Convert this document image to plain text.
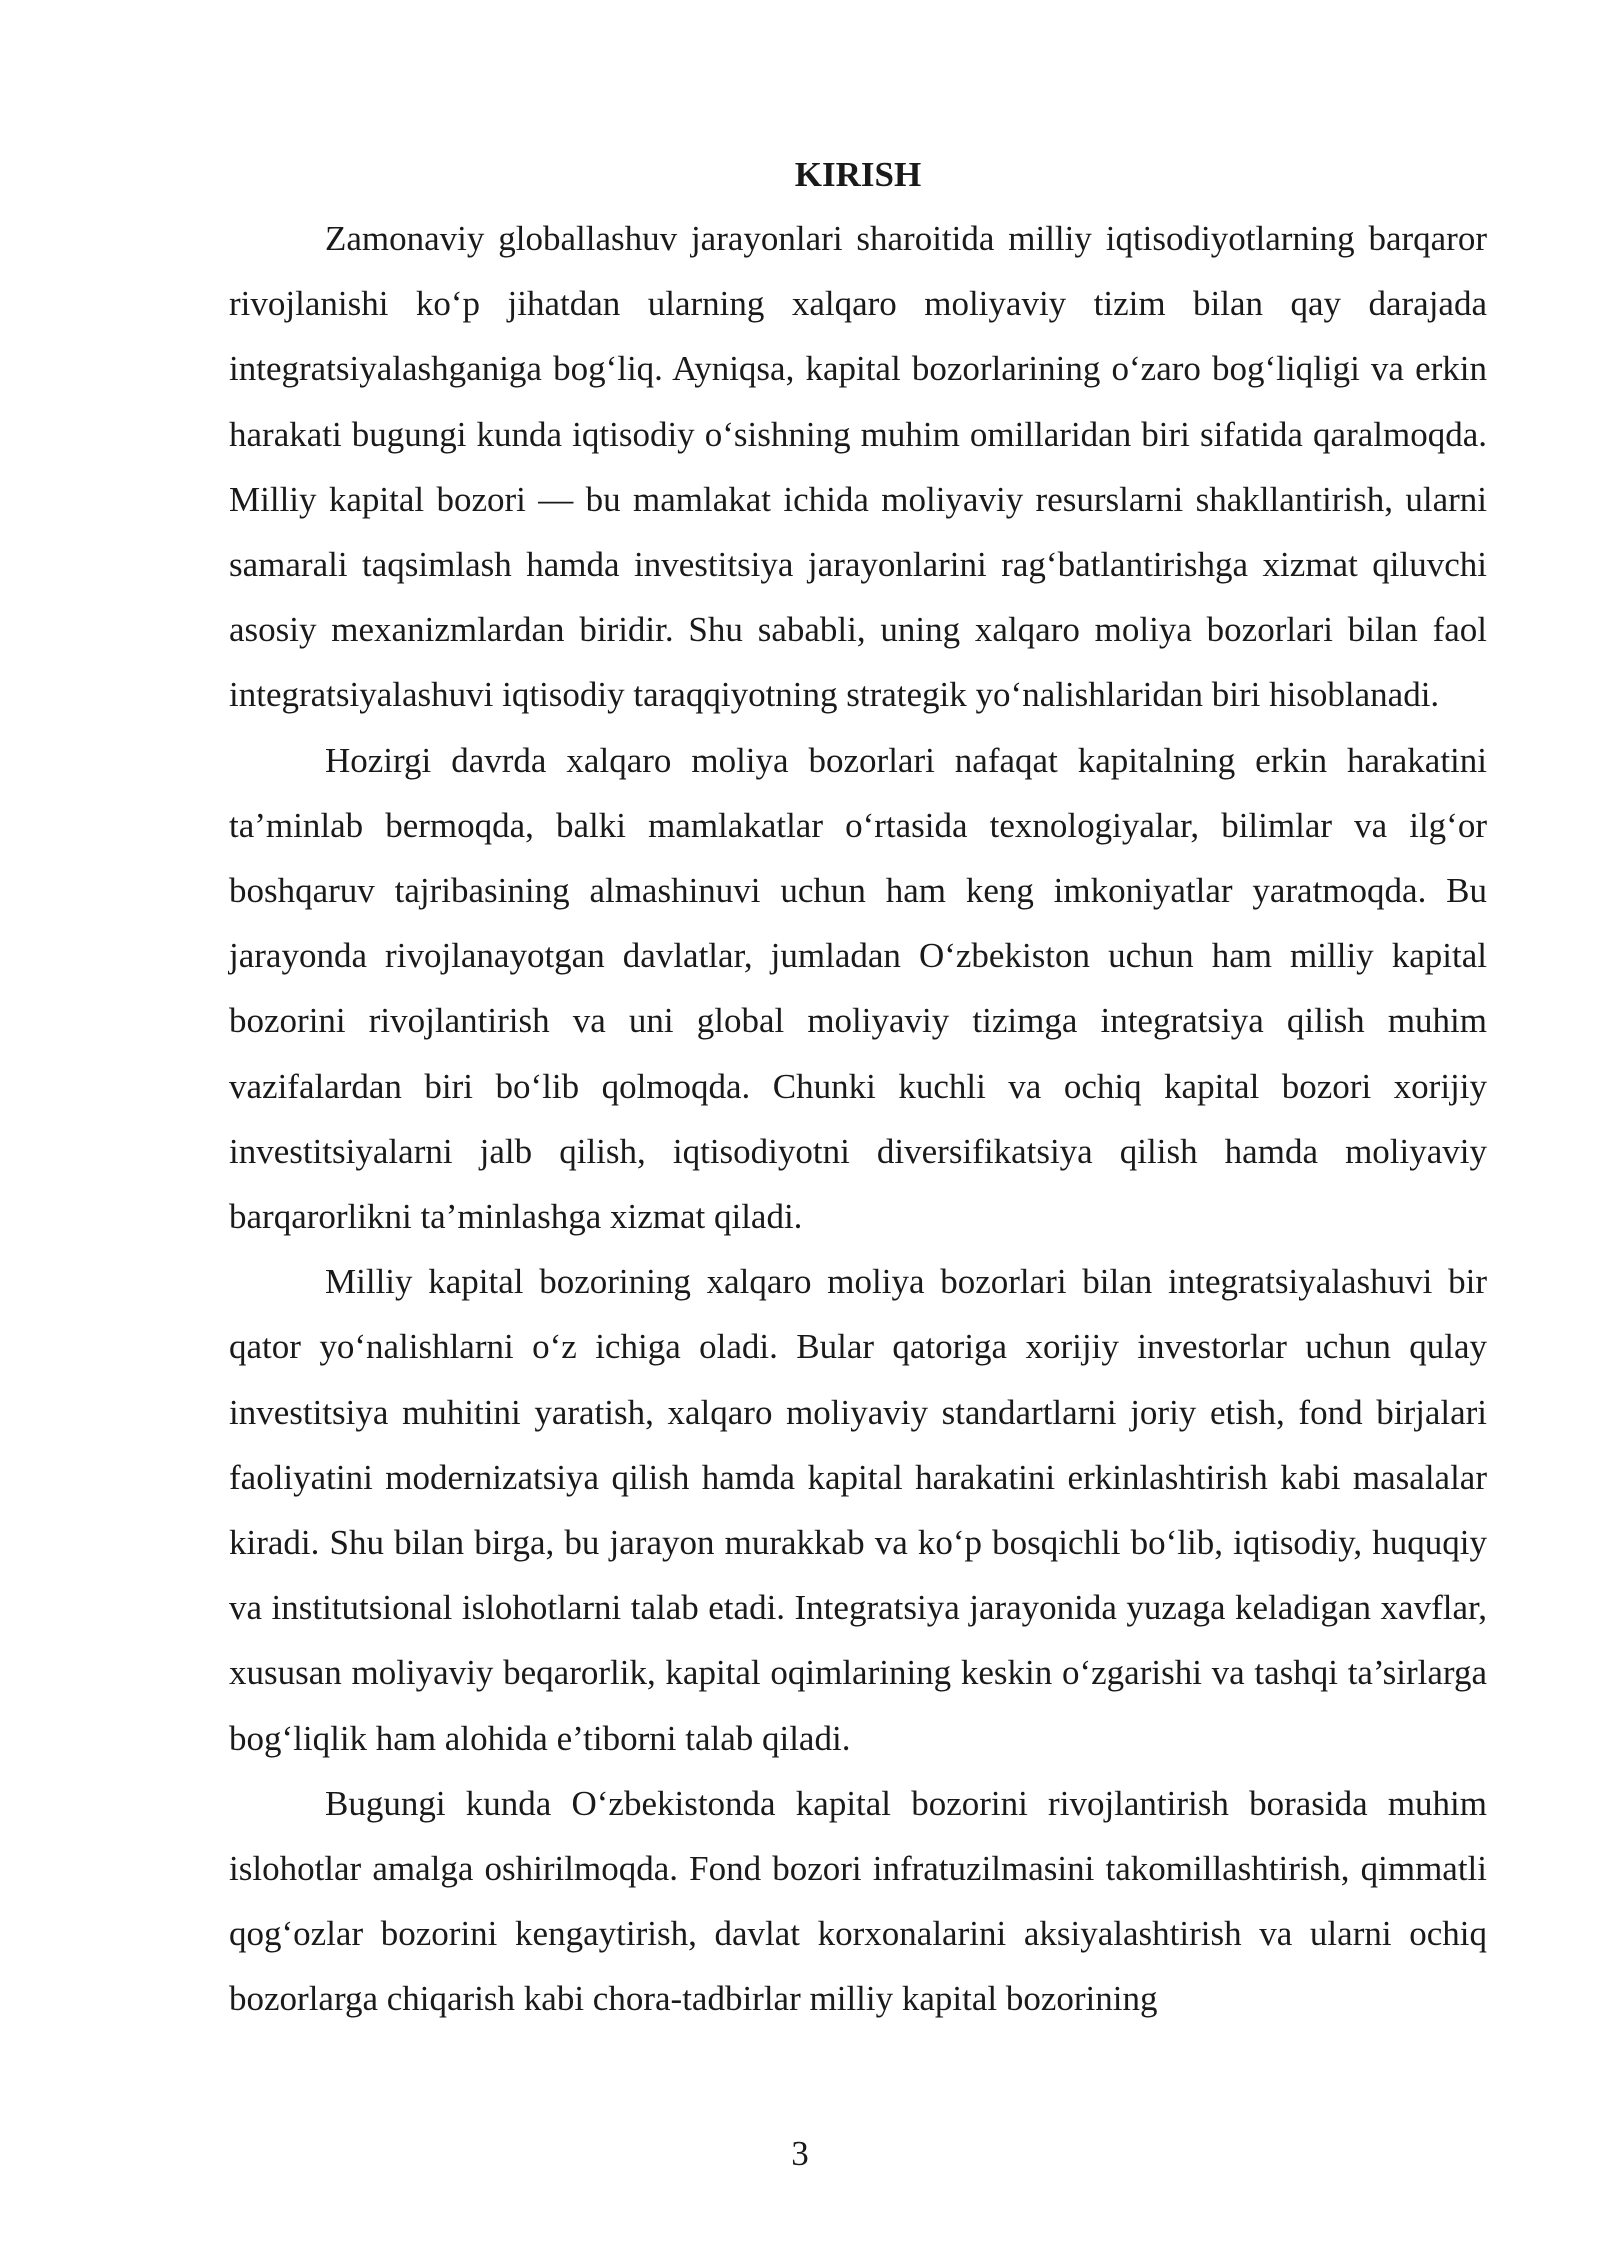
KIRISH

Zamonaviy globallashuv jarayonlari sharoitida milliy iqtisodiyotlarning barqaror rivojlanishi ko‘p jihatdan ularning xalqaro moliyaviy tizim bilan qay darajada integratsiyalashganiga bog‘liq. Ayniqsa, kapital bozorlarining o‘zaro bog‘liqligi va erkin harakati bugungi kunda iqtisodiy o‘sishning muhim omillaridan biri sifatida qaralmoqda. Milliy kapital bozori — bu mamlakat ichida moliyaviy resurslarni shakllantirish, ularni samarali taqsimlash hamda investitsiya jarayonlarini rag‘batlantirishga xizmat qiluvchi asosiy mexanizmlardan biridir. Shu sababli, uning xalqaro moliya bozorlari bilan faol integratsiyalashuvi iqtisodiy taraqqiyotning strategik yo‘nalishlaridan biri hisoblanadi.

Hozirgi davrda xalqaro moliya bozorlari nafaqat kapitalning erkin harakatini ta’minlab bermoqda, balki mamlakatlar o‘rtasida texnologiyalar, bilimlar va ilg‘or boshqaruv tajribasining almashinuvi uchun ham keng imkoniyatlar yaratmoqda. Bu jarayonda rivojlanayotgan davlatlar, jumladan O‘zbekiston uchun ham milliy kapital bozorini rivojlantirish va uni global moliyaviy tizimga integratsiya qilish muhim vazifalardan biri bo‘lib qolmoqda. Chunki kuchli va ochiq kapital bozori xorijiy investitsiyalarni jalb qilish, iqtisodiyotni diversifikatsiya qilish hamda moliyaviy barqarorlikni ta’minlashga xizmat qiladi.

Milliy kapital bozorining xalqaro moliya bozorlari bilan integratsiyalashuvi bir qator yo‘nalishlarni o‘z ichiga oladi. Bular qatoriga xorijiy investorlar uchun qulay investitsiya muhitini yaratish, xalqaro moliyaviy standartlarni joriy etish, fond birjalari faoliyatini modernizatsiya qilish hamda kapital harakatini erkinlashtirish kabi masalalar kiradi. Shu bilan birga, bu jarayon murakkab va ko‘p bosqichli bo‘lib, iqtisodiy, huquqiy va institutsional islohotlarni talab etadi. Integratsiya jarayonida yuzaga keladigan xavflar, xususan moliyaviy beqarorlik, kapital oqimlarining keskin o‘zgarishi va tashqi ta’sirlarga bog‘liqlik ham alohida e’tiborni talab qiladi.

Bugungi kunda O‘zbekistonda kapital bozorini rivojlantirish borasida muhim islohotlar amalga oshirilmoqda. Fond bozori infratuzilmasini takomillashtirish, qimmatli qog‘ozlar bozorini kengaytirish, davlat korxonalarini aksiyalashtirish va ularni ochiq bozorlarga chiqarish kabi chora-tadbirlar milliy kapital bozorining

3
